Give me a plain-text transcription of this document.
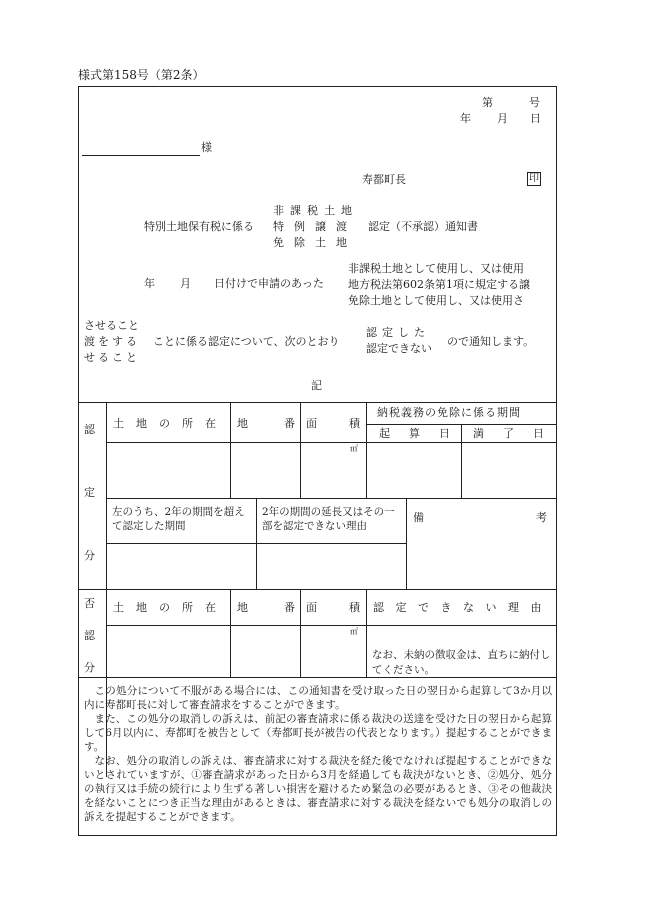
様式第158号（第2条）
第	号
年 月 日
様
寿都町長	印
特別土地保有税に係る
非課税土地
特例譲渡
免除土地
認定（不承認）通知書
年 月 日付けで申請のあった
非課税土地として使用し、又は使用
地方税法第602条第1項に規定する譲
免除土地として使用し、又は使用さ
させること
渡をする
せること
ことに係る認定について、次のとおり
認定した
認定できない
ので通知します。
記
認
定
分
土地の所在 地番
面積
納税義務の免除に係る期間
起算日 満了日
㎡
左のうち、2年の期間を超えて認定した期間
2年の期間の延長又はその一部を認定できない理由
備考
否
認
分
土地の所在 地番
面積
認定できない理由
㎡
なお、未納の徴収金は、直ちに納付してください。

この処分について不服がある場合には、この通知書を受け取った日の翌日から起算して3か月以内に寿都町長に対して審査請求をすることができます。

また、この処分の取消しの訴えは、前記の審査請求に係る裁決の送達を受けた日の翌日から起算して6月以内に、寿都町を被告として（寿都町長が被告の代表となります。）提起することができます。

なお、処分の取消しの訴えは、審査請求に対する裁決を経た後でなければ提起することができないとされていますが、①審査請求があった日から3月を経過しても裁決がないとき、②処分、処分の執行又は手続の続行により生ずる著しい損害を避けるため緊急の必要があるとき、③その他裁決を経ないことにつき正当な理由があるときは、審査請求に対する裁決を経ないでも処分の取消しの訴えを提起することができます。
